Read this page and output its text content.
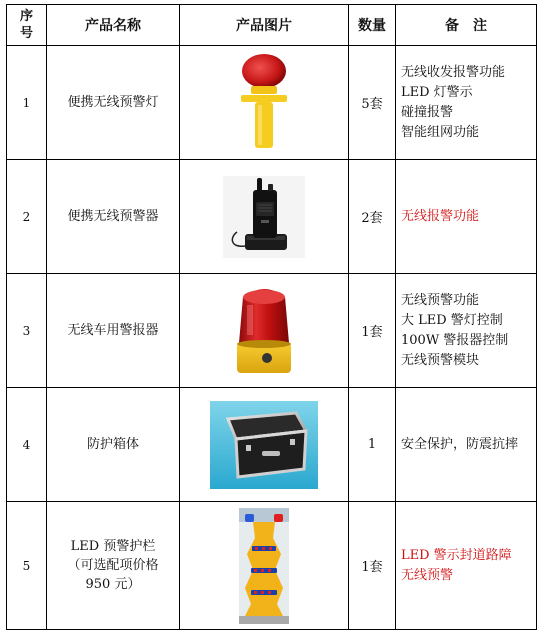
序
号	产品名称	产品图片	数量	备　注
1	便携无线预警灯		5套	无线收发报警功能
LED 灯警示
碰撞报警
智能组网功能

2	便携无线预警器		2套	无线报警功能

3	无线车用警报器		1套	无线预警功能
大 LED 警灯控制
100W 警报器控制
无线预警模块

4	防护箱体		1	安全保护，防震抗摔

5	LED 预警护栏
（可选配项价格
950 元）		1套	LED 警示封道路障
无线预警
